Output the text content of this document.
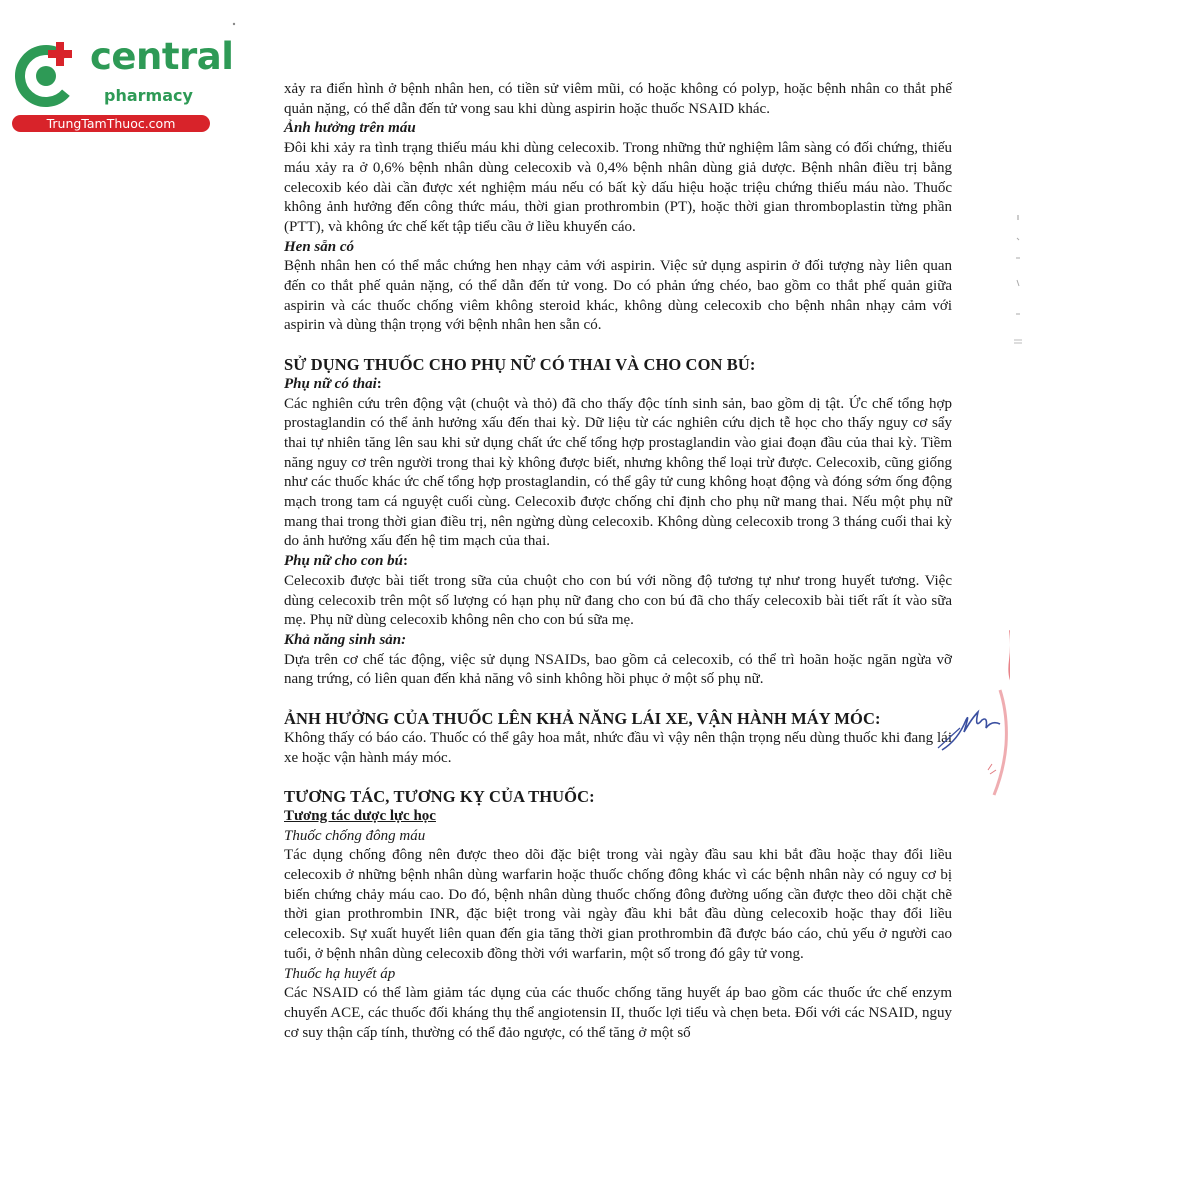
central
pharmacy
TrungTamThuoc.com

xảy ra điển hình ở bệnh nhân hen, có tiền sử viêm mũi, có hoặc không có polyp, hoặc bệnh nhân co thắt phế quản nặng, có thể dẫn đến tử vong sau khi dùng aspirin hoặc thuốc NSAID khác.

Ảnh hưởng trên máu

Đôi khi xảy ra tình trạng thiếu máu khi dùng celecoxib. Trong những thử nghiệm lâm sàng có đối chứng, thiếu máu xảy ra ở 0,6% bệnh nhân dùng celecoxib và 0,4% bệnh nhân dùng giả dược. Bệnh nhân điều trị bằng celecoxib kéo dài cần được xét nghiệm máu nếu có bất kỳ dấu hiệu hoặc triệu chứng thiếu máu nào. Thuốc không ảnh hưởng đến công thức máu, thời gian prothrombin (PT), hoặc thời gian thromboplastin từng phần (PTT), và không ức chế kết tập tiểu cầu ở liều khuyến cáo.

Hen sẵn có

Bệnh nhân hen có thể mắc chứng hen nhạy cảm với aspirin. Việc sử dụng aspirin ở đối tượng này liên quan đến co thắt phế quản nặng, có thể dẫn đến tử vong. Do có phản ứng chéo, bao gồm co thắt phế quản giữa aspirin và các thuốc chống viêm không steroid khác, không dùng celecoxib cho bệnh nhân nhạy cảm với aspirin và dùng thận trọng với bệnh nhân hen sẵn có.

SỬ DỤNG THUỐC CHO PHỤ NỮ CÓ THAI VÀ CHO CON BÚ:
Phụ nữ có thai:

Các nghiên cứu trên động vật (chuột và thỏ) đã cho thấy độc tính sinh sản, bao gồm dị tật. Ức chế tổng hợp prostaglandin có thể ảnh hưởng xấu đến thai kỳ. Dữ liệu từ các nghiên cứu dịch tễ học cho thấy nguy cơ sẩy thai tự nhiên tăng lên sau khi sử dụng chất ức chế tổng hợp prostaglandin vào giai đoạn đầu của thai kỳ. Tiềm năng nguy cơ trên người trong thai kỳ không được biết, nhưng không thể loại trừ được. Celecoxib, cũng giống như các thuốc khác ức chế tổng hợp prostaglandin, có thể gây tử cung không hoạt động và đóng sớm ống động mạch trong tam cá nguyệt cuối cùng. Celecoxib được chống chỉ định cho phụ nữ mang thai. Nếu một phụ nữ mang thai trong thời gian điều trị, nên ngừng dùng celecoxib. Không dùng celecoxib trong 3 tháng cuối thai kỳ do ảnh hưởng xấu đến hệ tim mạch của thai.

Phụ nữ cho con bú:

Celecoxib được bài tiết trong sữa của chuột cho con bú với nồng độ tương tự như trong huyết tương. Việc dùng celecoxib trên một số lượng có hạn phụ nữ đang cho con bú đã cho thấy celecoxib bài tiết rất ít vào sữa mẹ. Phụ nữ dùng celecoxib không nên cho con bú sữa mẹ.

Khả năng sinh sản:

Dựa trên cơ chế tác động, việc sử dụng NSAIDs, bao gồm cả celecoxib, có thể trì hoãn hoặc ngăn ngừa vỡ nang trứng, có liên quan đến khả năng vô sinh không hồi phục ở một số phụ nữ.

ẢNH HƯỞNG CỦA THUỐC LÊN KHẢ NĂNG LÁI XE, VẬN HÀNH MÁY MÓC:

Không thấy có báo cáo. Thuốc có thể gây hoa mắt, nhức đầu vì vậy nên thận trọng nếu dùng thuốc khi đang lái xe hoặc vận hành máy móc.

TƯƠNG TÁC, TƯƠNG KỴ CỦA THUỐC:
Tương tác dược lực học
Thuốc chống đông máu

Tác dụng chống đông nên được theo dõi đặc biệt trong vài ngày đầu sau khi bắt đầu hoặc thay đổi liều celecoxib ở những bệnh nhân dùng warfarin hoặc thuốc chống đông khác vì các bệnh nhân này có nguy cơ bị biến chứng chảy máu cao. Do đó, bệnh nhân dùng thuốc chống đông đường uống cần được theo dõi chặt chẽ thời gian prothrombin INR, đặc biệt trong vài ngày đầu khi bắt đầu dùng celecoxib hoặc thay đổi liều celecoxib. Sự xuất huyết liên quan đến gia tăng thời gian prothrombin đã được báo cáo, chủ yếu ở người cao tuổi, ở bệnh nhân dùng celecoxib đồng thời với warfarin, một số trong đó gây tử vong.

Thuốc hạ huyết áp

Các NSAID có thể làm giảm tác dụng của các thuốc chống tăng huyết áp bao gồm các thuốc ức chế enzym chuyển ACE, các thuốc đối kháng thụ thể angiotensin II, thuốc lợi tiểu và chẹn beta. Đối với các NSAID, nguy cơ suy thận cấp tính, thường có thể đảo ngược, có thể tăng ở một số
